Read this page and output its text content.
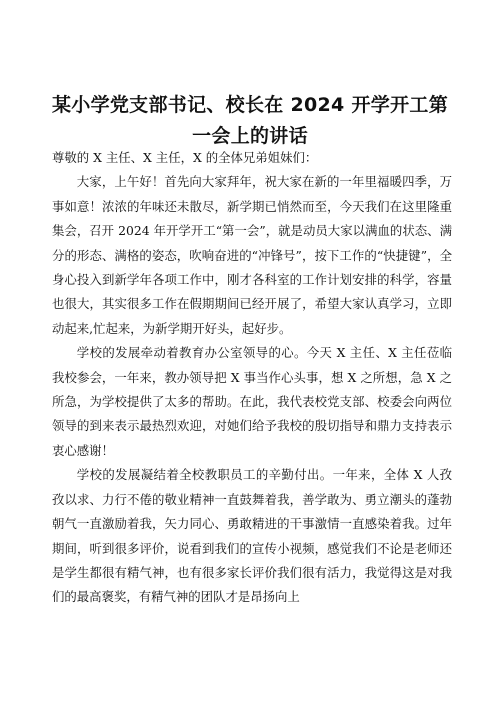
某小学党支部书记、校长在 2024 开学开工第
一会上的讲话

尊敬的 X 主任、X 主任，X 的全体兄弟姐妹们：

大家，上午好！首先向大家拜年，祝大家在新的一年里福暖四季，万事如意！浓浓的年味还未散尽，新学期已悄然而至，今天我们在这里隆重集会，召开 2024 年开学开工“第一会”，就是动员大家以满血的状态、满分的形态、满格的姿态，吹响奋进的“冲锋号”，按下工作的“快捷键”，全身心投入到新学年各项工作中，刚才各科室的工作计划安排的科学，容量也很大，其实很多工作在假期期间已经开展了，希望大家认真学习，立即动起来,忙起来，为新学期开好头，起好步。

学校的发展牵动着教育办公室领导的心。今天 X 主任、X 主任莅临我校参会，一年来，教办领导把 X 事当作心头事，想 X 之所想，急 X 之所急，为学校提供了太多的帮助。在此，我代表校党支部、校委会向两位领导的到来表示最热烈欢迎，对她们给予我校的殷切指导和鼎力支持表示衷心感谢！

学校的发展凝结着全校教职员工的辛勤付出。一年来，全体 X 人孜孜以求、力行不倦的敬业精神一直鼓舞着我，善学敢为、勇立潮头的蓬勃朝气一直激励着我，矢力同心、勇敢精进的干事激情一直感染着我。过年期间，听到很多评价，说看到我们的宣传小视频，感觉我们不论是老师还是学生都很有精气神，也有很多家长评价我们很有活力，我觉得这是对我们的最高褒奖，有精气神的团队才是昂扬向上
